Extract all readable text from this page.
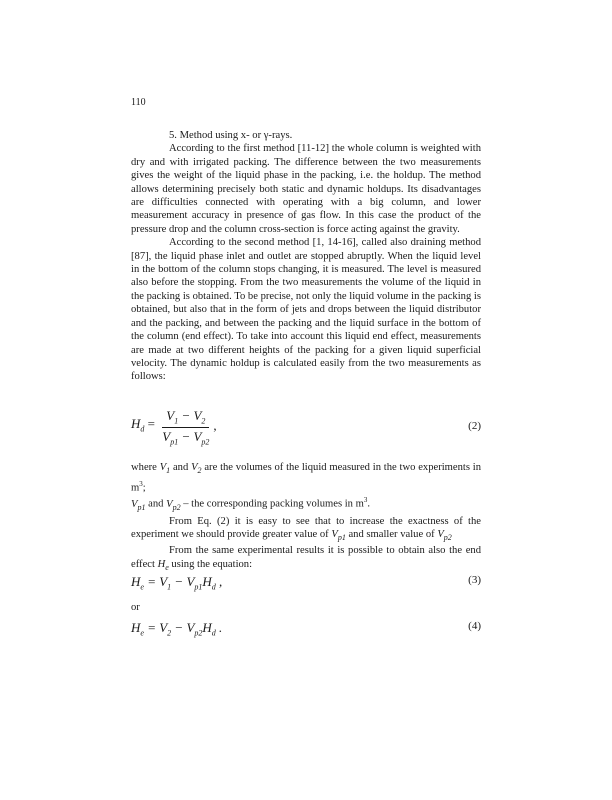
110

5. Method using x- or γ-rays.

According to the first method [11-12] the whole column is weighted with dry and with irrigated packing. The difference between the two measurements gives the weight of the liquid phase in the packing, i.e. the holdup. The method allows determining precisely both static and dynamic holdups. Its disadvantages are difficulties connected with operating with a big column, and lower measurement accuracy in presence of gas flow. In this case the product of the pressure drop and the column cross-section is force acting against the gravity.

According to the second method [1, 14-16], called also draining method [87], the liquid phase inlet and outlet are stopped abruptly. When the liquid level in the bottom of the column stops changing, it is measured. The level is measured also before the stopping. From the two measurements the volume of the liquid in the packing is obtained. To be precise, not only the liquid volume in the packing is obtained, but also that in the form of jets and drops between the liquid distributor and the packing, and between the packing and the liquid surface in the bottom of the column (end effect). To take into account this liquid end effect, measurements are made at two different heights of the packing for a given liquid superficial velocity. The dynamic holdup is calculated easily from the two measurements as follows:

$H_d = \frac{V_1 - V_2}{V_{p1} - V_{p2}}$ ,	(2)

where $V_1$ and $V_2$ are the volumes of the liquid measured in the two experiments in $m^3$;

$V_{p1}$ and $V_{p2}$ – the corresponding packing volumes in $m^3$.

From Eq. (2) it is easy to see that to increase the exactness of the experiment we should provide greater value of $V_{p1}$ and smaller value of $V_{p2}$

From the same experimental results it is possible to obtain also the end effect $H_e$ using the equation:

$H_e = V_1 - V_{p1}H_d$ ,	(3)
or
$H_e = V_2 - V_{p2}H_d$ .	(4)
